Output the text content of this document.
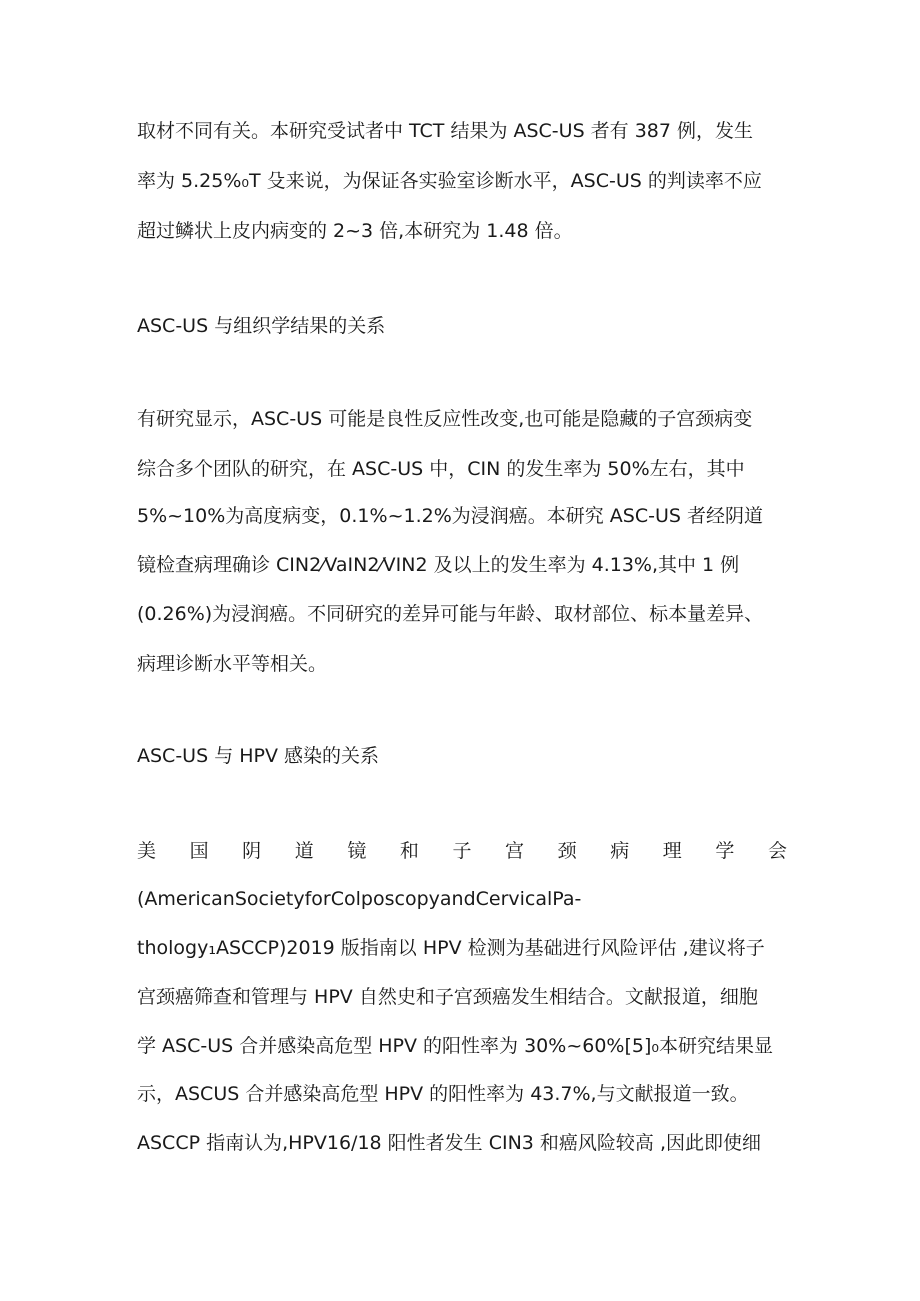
取材不同有关。本研究受试者中 TCT 结果为 ASC-US 者有 387 例，发生
率为 5.25%₀T 殳来说，为保证各实验室诊断水平，ASC-US 的判读率不应
超过鳞状上皮内病变的 2~3 倍,本研究为 1.48 倍。
ASC-US 与组织学结果的关系
有研究显示，ASC-US 可能是良性反应性改变,也可能是隐藏的子宫颈病变
综合多个团队的研究，在 ASC-US 中，CIN 的发生率为 50%左右，其中
5%~10%为高度病变，0.1%~1.2%为浸润癌。本研究 ASC-US 者经阴道
镜检查病理确诊 CIN2⁄VaIN2⁄VIN2 及以上的发生率为 4.13%,其中 1 例
(0.26%)为浸润癌。不同研究的差异可能与年龄、取材部位、标本量差异、
病理诊断水平等相关。
ASC-US 与 HPV 感染的关系
美 国 阴 道 镜 和 子 宫 颈 病 理 学 会
(AmericanSocietyforColposcopyandCervicalPa-
thology₁ASCCP)2019 版指南以 HPV 检测为基础进行风险评估 ,建议将子
宫颈癌筛查和管理与 HPV 自然史和子宫颈癌发生相结合。文献报道，细胞
学 ASC-US 合并感染高危型 HPV 的阳性率为 30%~60%[5]₀本研究结果显
示，ASCUS 合并感染高危型 HPV 的阳性率为 43.7%,与文献报道一致。
ASCCP 指南认为,HPV16/18 阳性者发生 CIN3 和癌风险较高 ,因此即使细
